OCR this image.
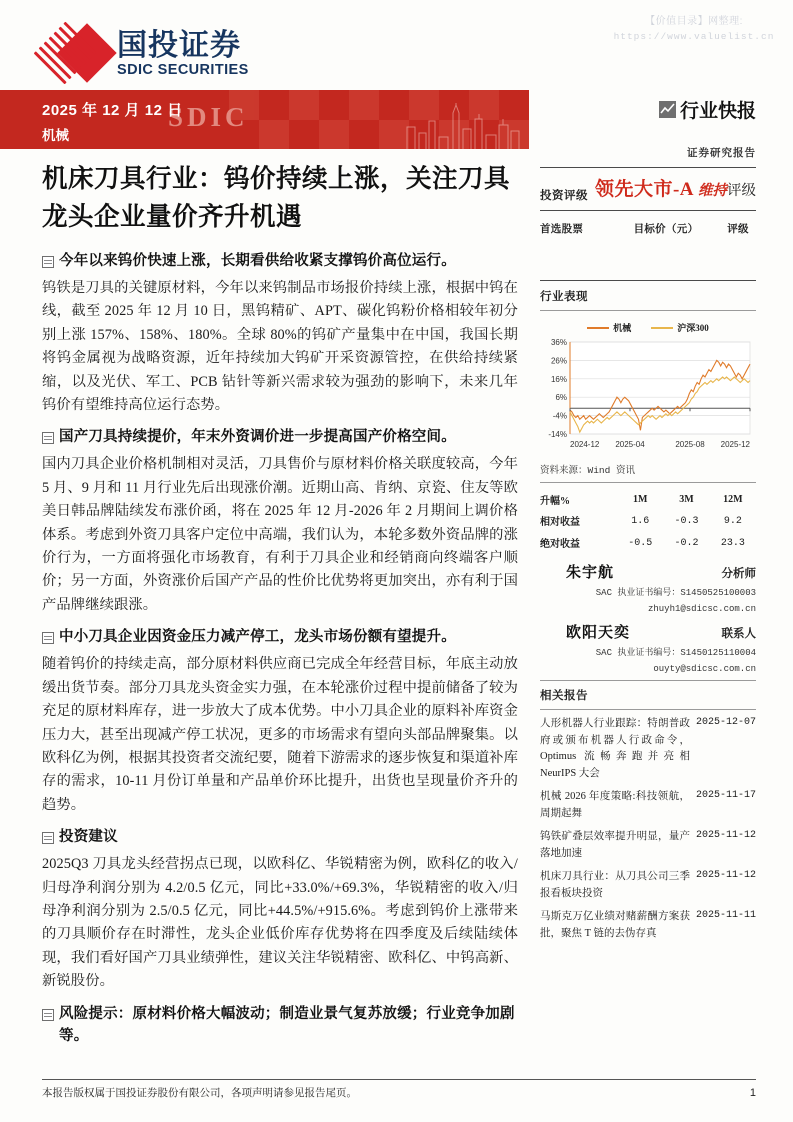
【价值目录】网整理:
https://www.valuelist.cn
国投证券
SDIC SECURITIES
SDIC
2025 年 12 月 12 日
机械
机床刀具行业：钨价持续上涨，关注刀具龙头企业量价齐升机遇
今年以来钨价快速上涨，长期看供给收紧支撑钨价高位运行。

钨铁是刀具的关键原材料，今年以来钨制品市场报价持续上涨，根据中钨在线，截至 2025 年 12 月 10 日，黑钨精矿、APT、碳化钨粉价格相较年初分别上涨 157%、158%、180%。全球 80%的钨矿产量集中在中国，我国长期将钨金属视为战略资源，近年持续加大钨矿开采资源管控，在供给持续紧缩，以及光伏、军工、PCB 钻针等新兴需求较为强劲的影响下，未来几年钨价有望维持高位运行态势。

国产刀具持续提价，年末外资调价进一步提高国产价格空间。

国内刀具企业价格机制相对灵活，刀具售价与原材料价格关联度较高，今年 5 月、9 月和 11 月行业先后出现涨价潮。近期山高、肯纳、京瓷、住友等欧美日韩品牌陆续发布涨价函，将在 2025 年 12 月-2026 年 2 月期间上调价格体系。考虑到外资刀具客户定位中高端，我们认为，本轮多数外资品牌的涨价行为，一方面将强化市场教育，有利于刀具企业和经销商向终端客户顺价；另一方面，外资涨价后国产产品的性价比优势将更加突出，亦有利于国产品牌继续跟涨。

中小刀具企业因资金压力减产停工，龙头市场份额有望提升。

随着钨价的持续走高，部分原材料供应商已完成全年经营目标，年底主动放缓出货节奏。部分刀具龙头资金实力强，在本轮涨价过程中提前储备了较为充足的原材料库存，进一步放大了成本优势。中小刀具企业的原料补库资金压力大，甚至出现减产停工状况，更多的市场需求有望向头部品牌聚集。以欧科亿为例，根据其投资者交流纪要，随着下游需求的逐步恢复和渠道补库存的需求，10-11 月份订单量和产品单价环比提升，出货也呈现量价齐升的趋势。

投资建议

2025Q3 刀具龙头经营拐点已现，以欧科亿、华锐精密为例，欧科亿的收入/归母净利润分别为 4.2/0.5 亿元，同比+33.0%/+69.3%，华锐精密的收入/归母净利润分别为 2.5/0.5 亿元，同比+44.5%/+915.6%。考虑到钨价上涨带来的刀具顺价存在时滞性，龙头企业低价库存优势将在四季度及后续陆续体现，我们看好国产刀具业绩弹性，建议关注华锐精密、欧科亿、中钨高新、新锐股份。

风险提示：原材料价格大幅波动；制造业景气复苏放缓；行业竞争加剧等。
行业快报
证券研究报告
投资评级 领先大市-A 维持评级
首选股票	目标价（元）	评级

行业表现
机械	沪深300
36%
26%
16%
6%
-4%
-14%
2024-12 2025-04	2025-08 2025-12
资料来源：Wind 资讯
升幅%	1M	3M	12M
相对收益	1.6	-0.3	9.2
绝对收益	-0.5	-0.2	23.3
朱宇航	分析师
SAC 执业证书编号：S1450525100003
zhuyh1@sdicsc.com.cn
欧阳天奕	联系人
SAC 执业证书编号：S1450125110004
ouyty@sdicsc.com.cn
相关报告
人形机器人行业跟踪：特朗普政府或颁布机器人行政命令，Optimus 流畅奔跑并亮相 NeurIPS 大会
2025-12-07
机械 2026 年度策略:科技领航，周期起舞
2025-11-17
钨铁矿叠层效率提升明显，量产落地加速
2025-11-12
机床刀具行业：从刀具公司三季报看板块投资
2025-11-12
马斯克万亿业绩对赌薪酬方案获批，聚焦 T 链的去伪存真
2025-11-11
本报告版权属于国投证券股份有限公司，各项声明请参见报告尾页。	1
